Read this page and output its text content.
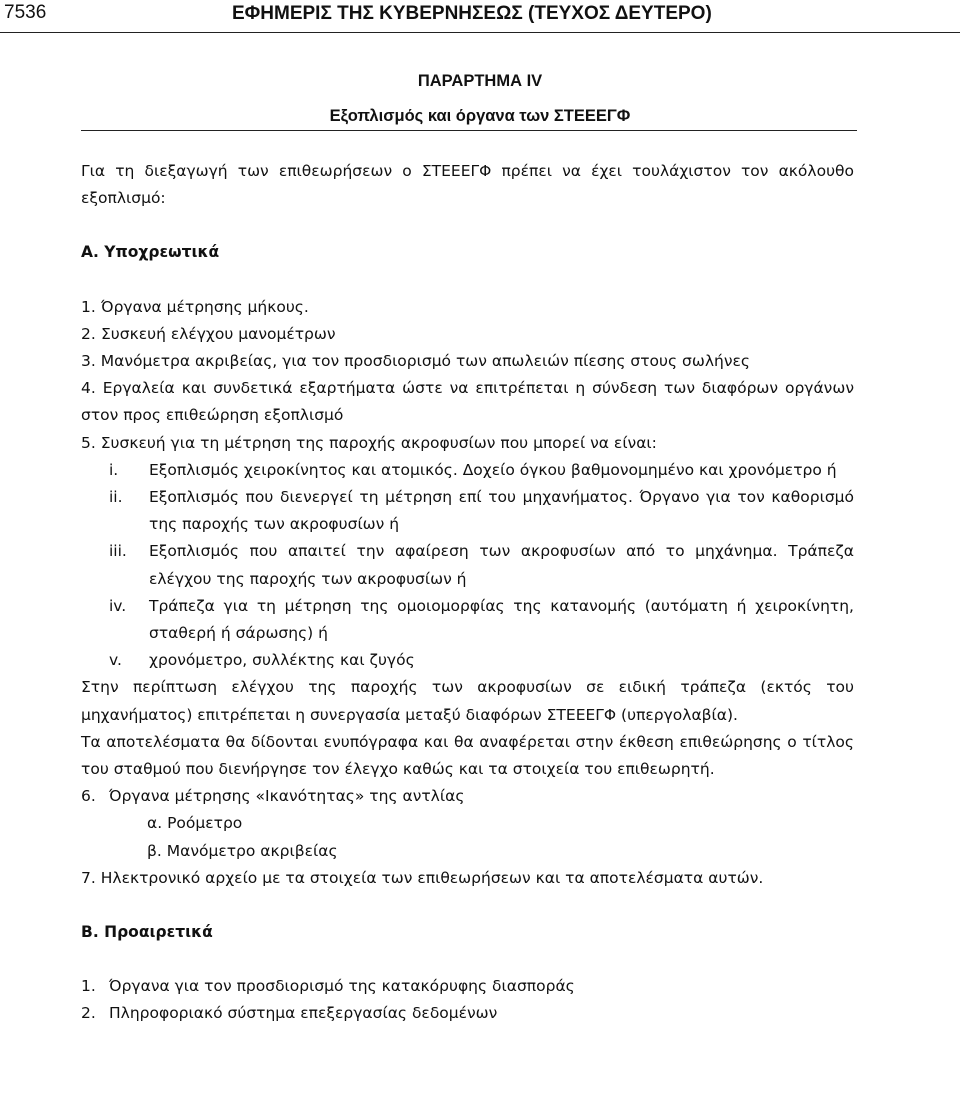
7536	ΕΦΗΜΕΡΙΣ ΤΗΣ ΚΥΒΕΡΝΗΣΕΩΣ (ΤΕΥΧΟΣ ΔΕΥΤΕΡΟ)
ΠΑΡΑΡΤΗΜΑ IV
Εξοπλισμός και όργανα των ΣΤΕΕΕΓΦ

Για τη διεξαγωγή των επιθεωρήσεων ο ΣΤΕΕΕΓΦ πρέπει να έχει τουλάχιστον τον ακόλουθο εξοπλισμό:

Α. Υποχρεωτικά

1. Όργανα μέτρησης μήκους.
2. Συσκευή ελέγχου μανομέτρων

3. Μανόμετρα ακριβείας, για τον προσδιορισμό των απωλειών πίεσης στους σωλήνες

4. Εργαλεία και συνδετικά εξαρτήματα ώστε να επιτρέπεται η σύνδεση των διαφόρων οργάνων στον προς επιθεώρηση εξοπλισμό

5. Συσκευή για τη μέτρηση της παροχής ακροφυσίων που μπορεί να είναι:

i.	Εξοπλισμός χειροκίνητος και ατομικός. Δοχείο όγκου βαθμονομημένο και χρονόμετρο ή
ii.	Εξοπλισμός που διενεργεί τη μέτρηση επί του μηχανήματος. Όργανο για τον καθορισμό της παροχής των ακροφυσίων ή
iii.	Εξοπλισμός που απαιτεί την αφαίρεση των ακροφυσίων από το μηχάνημα. Τράπεζα ελέγχου της παροχής των ακροφυσίων ή
iv.	Τράπεζα για τη μέτρηση της ομοιομορφίας της κατανομής (αυτόματη ή χειροκίνητη, σταθερή ή σάρωσης) ή
v.	χρονόμετρο, συλλέκτης και ζυγός

Στην περίπτωση ελέγχου της παροχής των ακροφυσίων σε ειδική τράπεζα (εκτός του μηχανήματος) επιτρέπεται η συνεργασία μεταξύ διαφόρων ΣΤΕΕΕΓΦ (υπεργολαβία).

Τα αποτελέσματα θα δίδονται ενυπόγραφα και θα αναφέρεται στην έκθεση επιθεώρησης ο τίτλος του σταθμού που διενήργησε τον έλεγχο καθώς και τα στοιχεία του επιθεωρητή.

6. Όργανα μέτρησης «Ικανότητας» της αντλίας
α. Ροόμετρο
β. Μανόμετρο ακριβείας

7. Ηλεκτρονικό αρχείο με τα στοιχεία των επιθεωρήσεων και τα αποτελέσματα αυτών.

Β. Προαιρετικά

1. Όργανα για τον προσδιορισμό της κατακόρυφης διασποράς
2. Πληροφοριακό σύστημα επεξεργασίας δεδομένων
